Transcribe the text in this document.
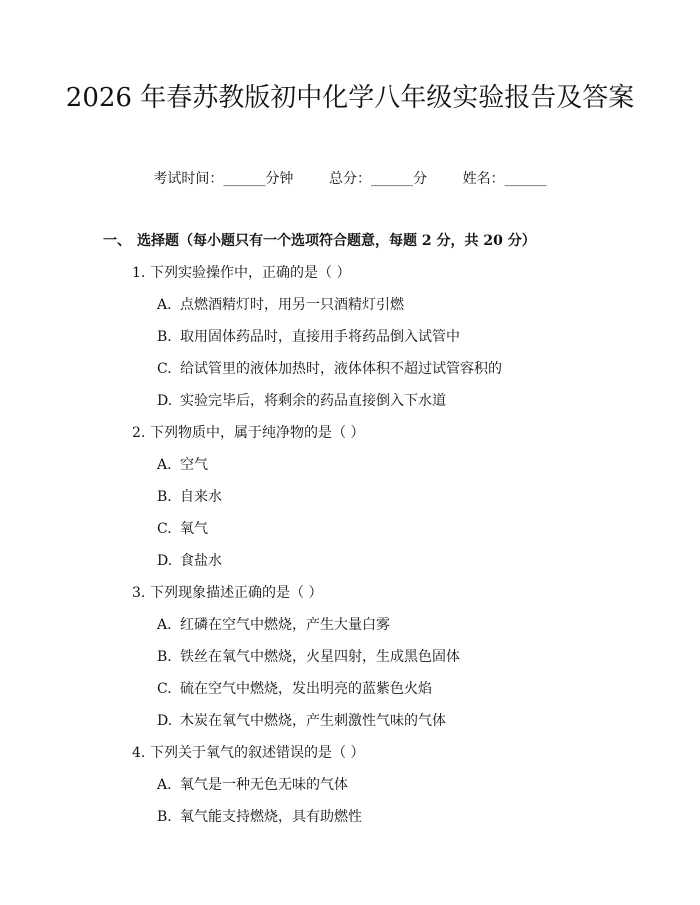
2026 年春苏教版初中化学八年级实验报告及答案
考试时间：______分钟	总分：______分	姓名：______
一、 选择题（每小题只有一个选项符合题意，每题 2 分，共 20 分）
1. 下列实验操作中，正确的是（ ）
A. 点燃酒精灯时，用另一只酒精灯引燃
B. 取用固体药品时，直接用手将药品倒入试管中
C. 给试管里的液体加热时，液体体积不超过试管容积的
D. 实验完毕后，将剩余的药品直接倒入下水道
2. 下列物质中，属于纯净物的是（ ）
A. 空气
B. 自来水
C. 氧气
D. 食盐水
3. 下列现象描述正确的是（ ）
A. 红磷在空气中燃烧，产生大量白雾
B. 铁丝在氧气中燃烧，火星四射，生成黑色固体
C. 硫在空气中燃烧，发出明亮的蓝紫色火焰
D. 木炭在氧气中燃烧，产生刺激性气味的气体
4. 下列关于氧气的叙述错误的是（ ）
A. 氧气是一种无色无味的气体
B. 氧气能支持燃烧，具有助燃性
